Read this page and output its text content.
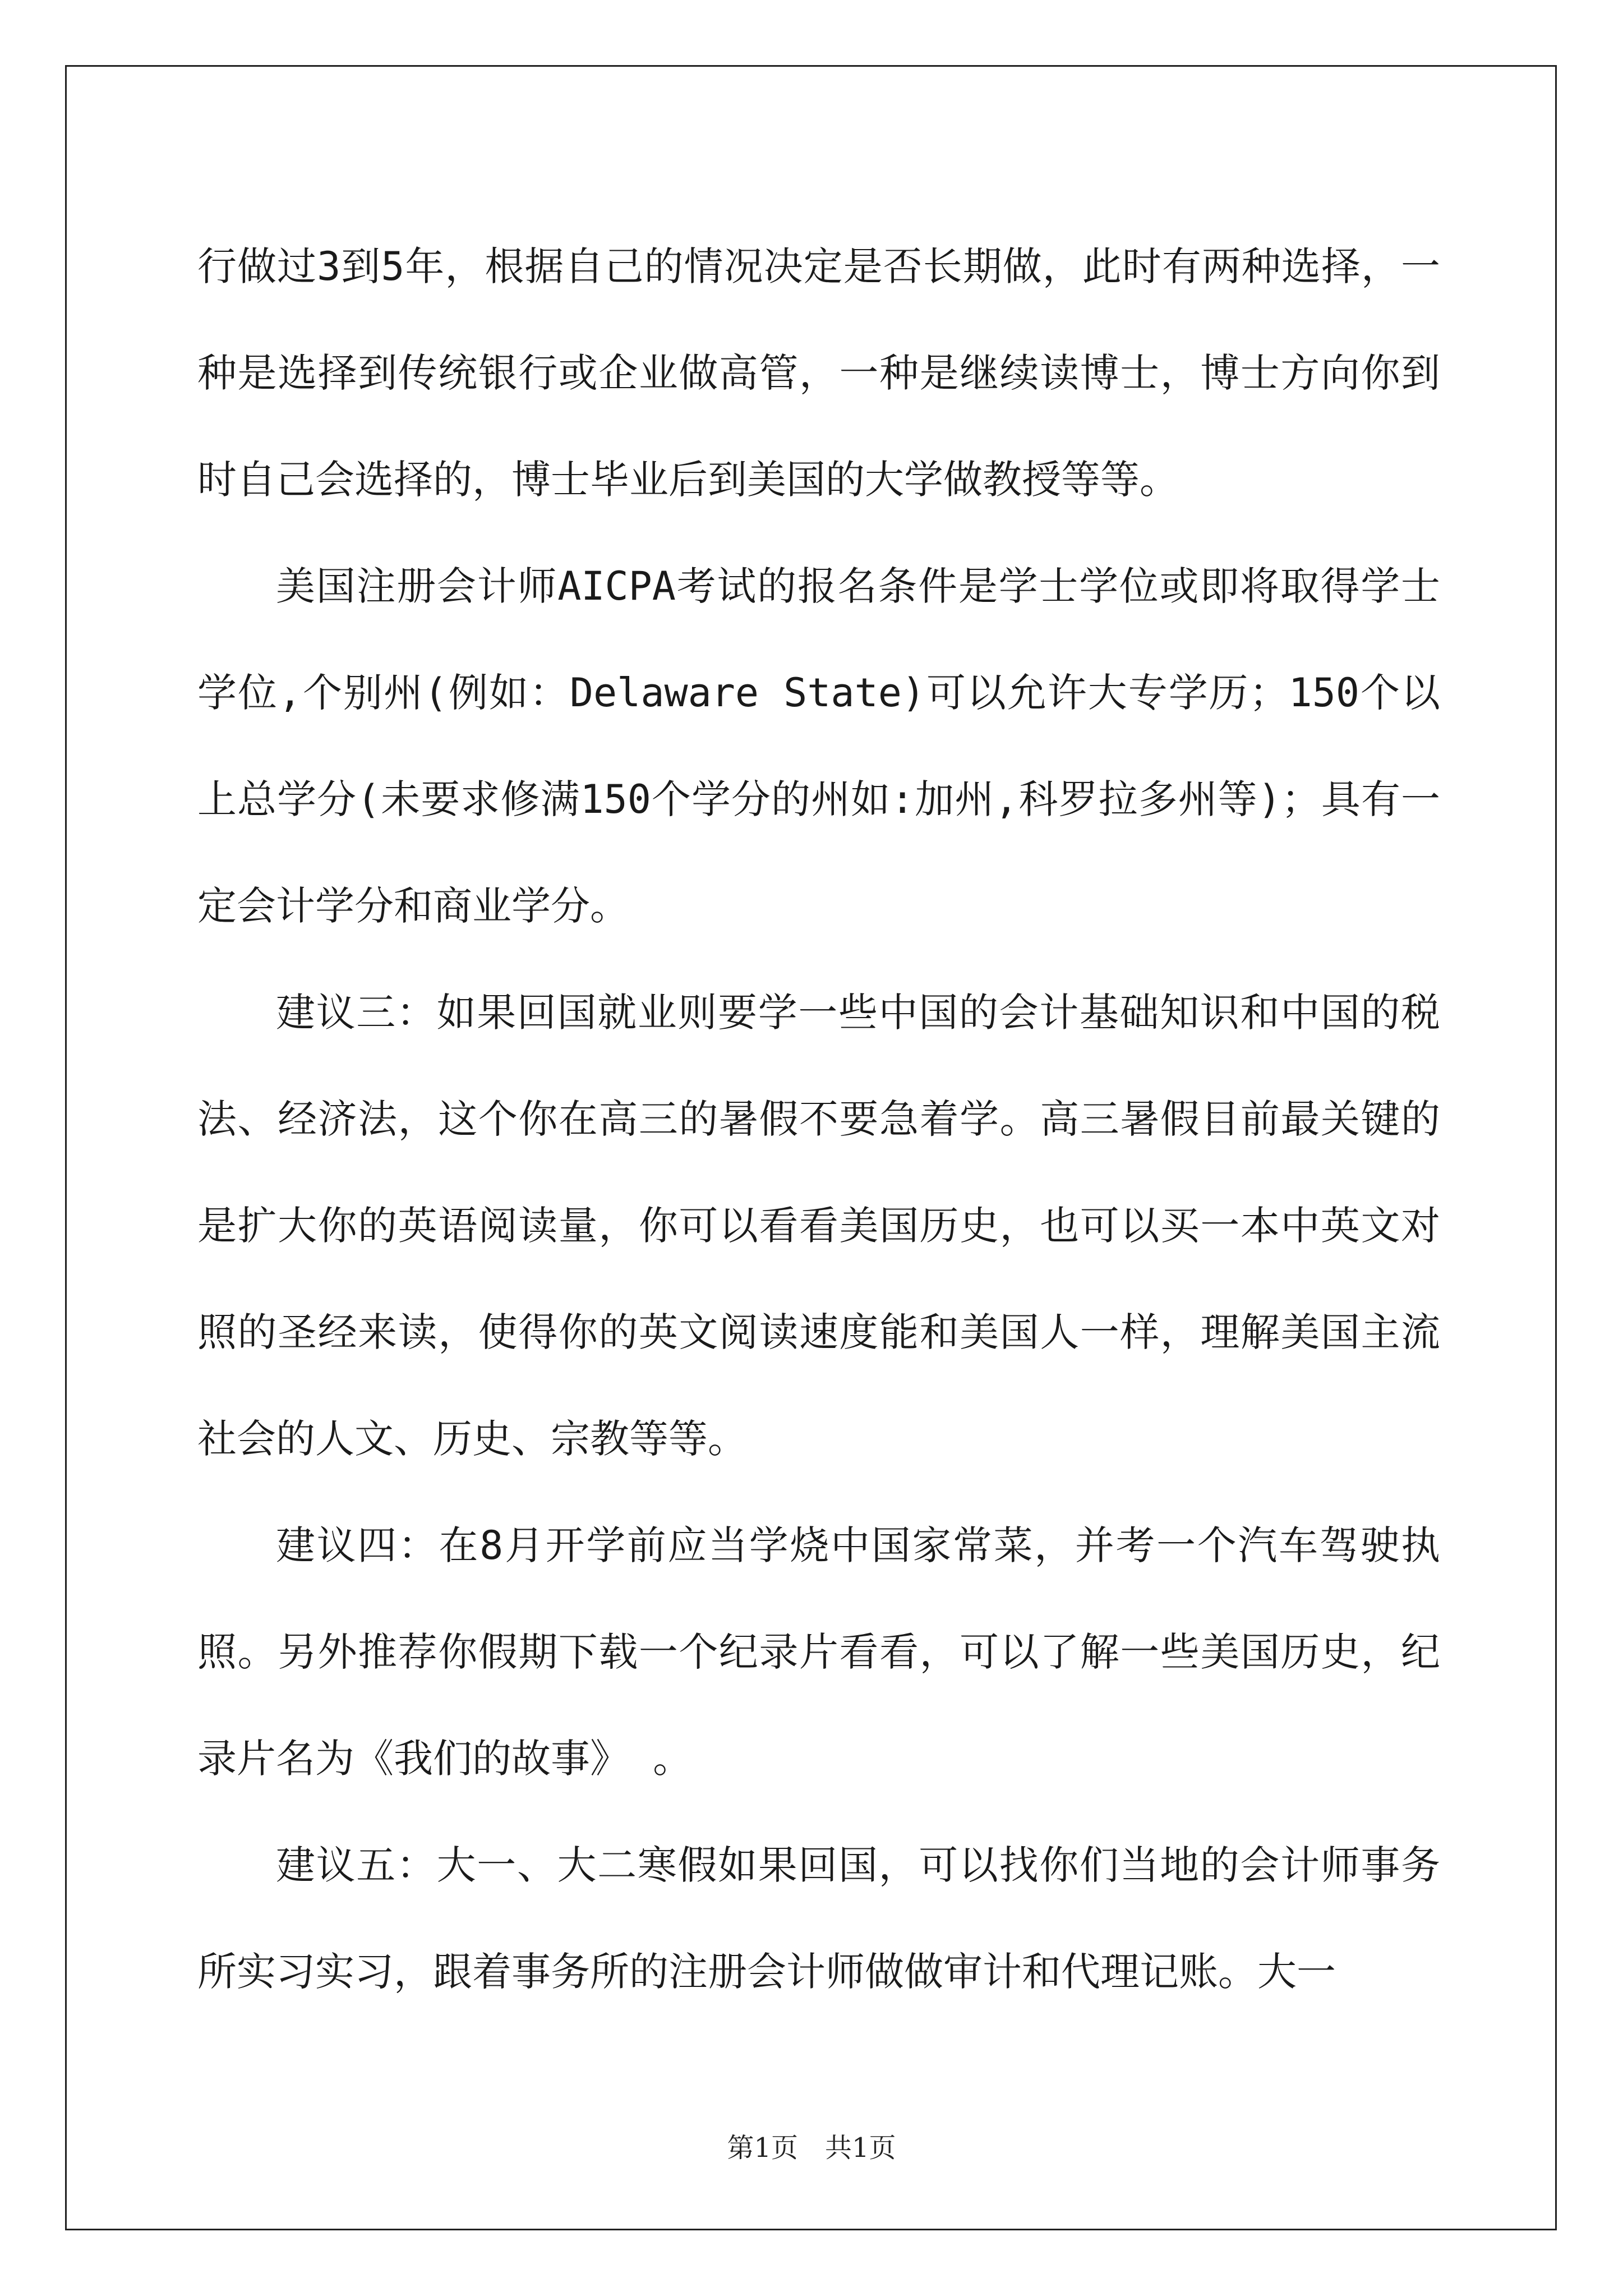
行做过3到5年，根据自己的情况决定是否长期做，此时有两种选择，一种是选择到传统银行或企业做高管，一种是继续读博士，博士方向你到时自己会选择的，博士毕业后到美国的大学做教授等等。

美国注册会计师AICPA考试的报名条件是学士学位或即将取得学士学位,个别州(例如：Delaware State)可以允许大专学历；150个以上总学分(未要求修满150个学分的州如:加州,科罗拉多州等)；具有一定会计学分和商业学分。

建议三：如果回国就业则要学一些中国的会计基础知识和中国的税法、经济法，这个你在高三的暑假不要急着学。高三暑假目前最关键的是扩大你的英语阅读量，你可以看看美国历史，也可以买一本中英文对照的圣经来读，使得你的英文阅读速度能和美国人一样，理解美国主流社会的人文、历史、宗教等等。

建议四：在8月开学前应当学烧中国家常菜，并考一个汽车驾驶执照。另外推荐你假期下载一个纪录片看看，可以了解一些美国历史，纪录片名为《我们的故事》 。

建议五：大一、大二寒假如果回国，可以找你们当地的会计师事务所实习实习，跟着事务所的注册会计师做做审计和代理记账。大一

第1页　共1页
